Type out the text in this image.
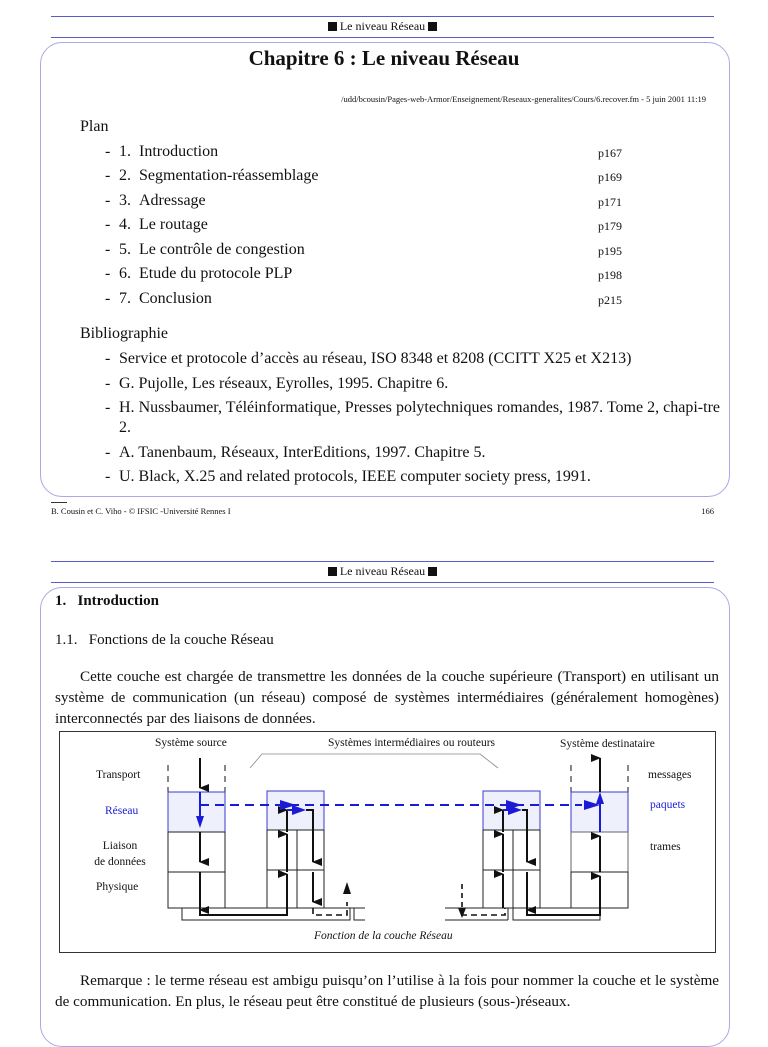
Le niveau Réseau
Chapitre 6 : Le niveau Réseau
/udd/bcousin/Pages-web-Armor/Enseignement/Reseaux-generalites/Cours/6.recover.fm - 5 juin 2001 11:19
Plan
- 1. Introduction	p167
- 2. Segmentation-réassemblage	p169
- 3. Adressage	p171
- 4. Le routage	p179
- 5. Le contrôle de congestion	p195
- 6. Etude du protocole PLP	p198
- 7. Conclusion	p215
Bibliographie
- Service et protocole d’accès au réseau, ISO 8348 et 8208 (CCITT X25 et X213)
- G. Pujolle, Les réseaux, Eyrolles, 1995. Chapitre 6.
- H. Nussbaumer, Téléinformatique, Presses polytechniques romandes, 1987. Tome 2, chapi-tre 2.
- A. Tanenbaum, Réseaux, InterEditions, 1997. Chapitre 5.
- U. Black, X.25 and related protocols, IEEE computer society press, 1991.
B. Cousin et C. Viho - © IFSIC -Université Rennes I	166
Le niveau Réseau
1.   Introduction
1.1.   Fonctions de la couche Réseau
Cette couche est chargée de transmettre les données de la couche supérieure (Transport) en utilisant un système de communication (un réseau) composé de systèmes intermédiaires (généralement homogènes) interconnectés par des liaisons de données.
Système source	Systèmes intermédiaires ou routeurs	Système destinataire
Transport
Réseau
Liaison
de données
Physique
messages
paquets
trames
Fonction de la couche Réseau
Remarque : le terme réseau est ambigu puisqu’on l’utilise à la fois pour nommer la couche et le système de communication. En plus, le réseau peut être constitué de plusieurs (sous-)réseaux.
